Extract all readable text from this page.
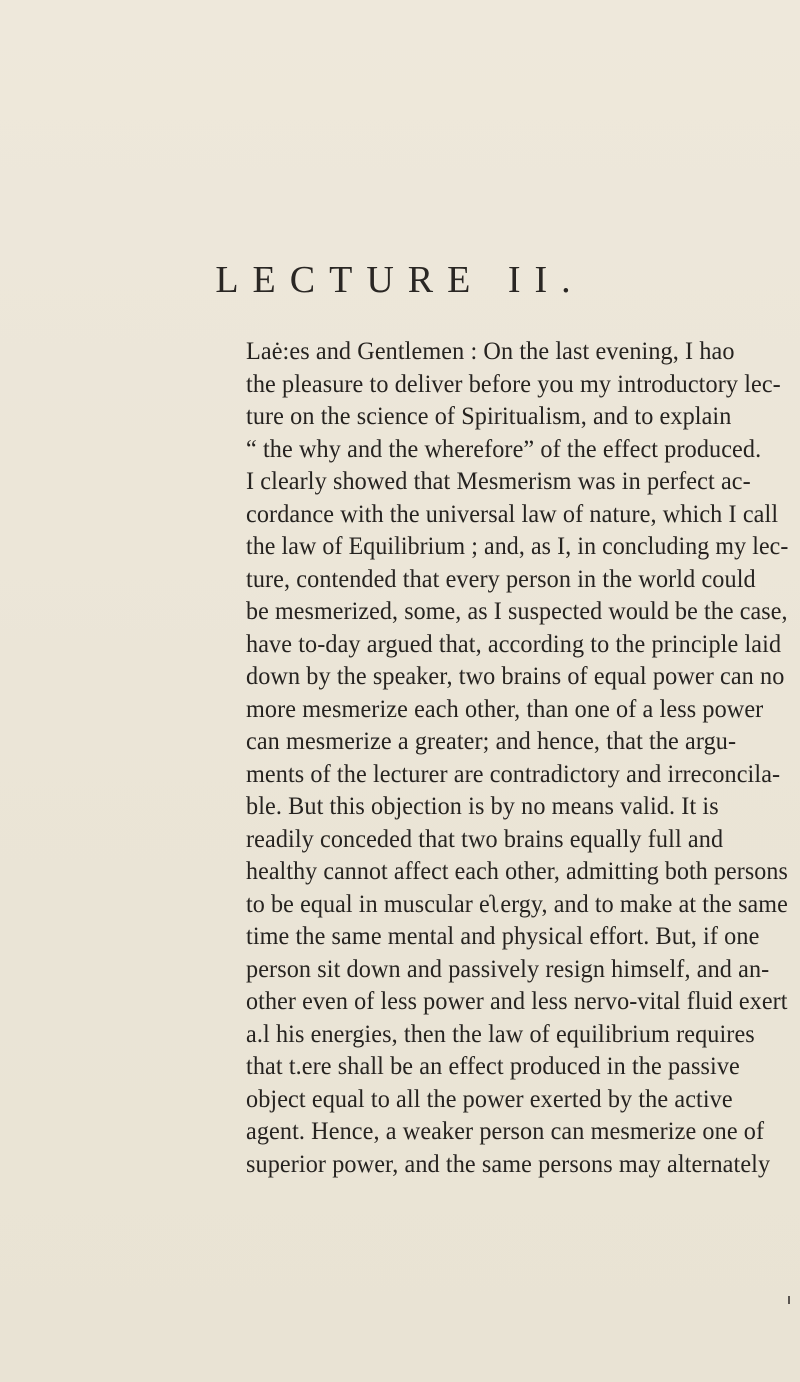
LECTURE II.
Laė:es and Gentlemen : On the last evening, I hao
the pleasure to deliver before you my introductory lec-
ture on the science of Spiritualism, and to explain
“ the why and the wherefore” of the effect produced.
I clearly showed that Mesmerism was in perfect ac-
cordance with the universal law of nature, which I call
the law of Equilibrium ; and, as I, in concluding my lec-
ture, contended that every person in the world could
be mesmerized, some, as I suspected would be the case,
have to-day argued that, according to the principle laid
down by the speaker, two brains of equal power can no
more mesmerize each other, than one of a less power
can mesmerize a greater; and hence, that the argu-
ments of the lecturer are contradictory and irreconcila-
ble. But this objection is by no means valid. It is
readily conceded that two brains equally full and
healthy cannot affect each other, admitting both persons
to be equal in muscular eʅergy, and to make at the same
time the same mental and physical effort. But, if one
person sit down and passively resign himself, and an-
other even of less power and less nervo-vital fluid exert
a.l his energies, then the law of equilibrium requires
that t.ere shall be an effect produced in the passive
object equal to all the power exerted by the active
agent. Hence, a weaker person can mesmerize one of
superior power, and the same persons may alternately
